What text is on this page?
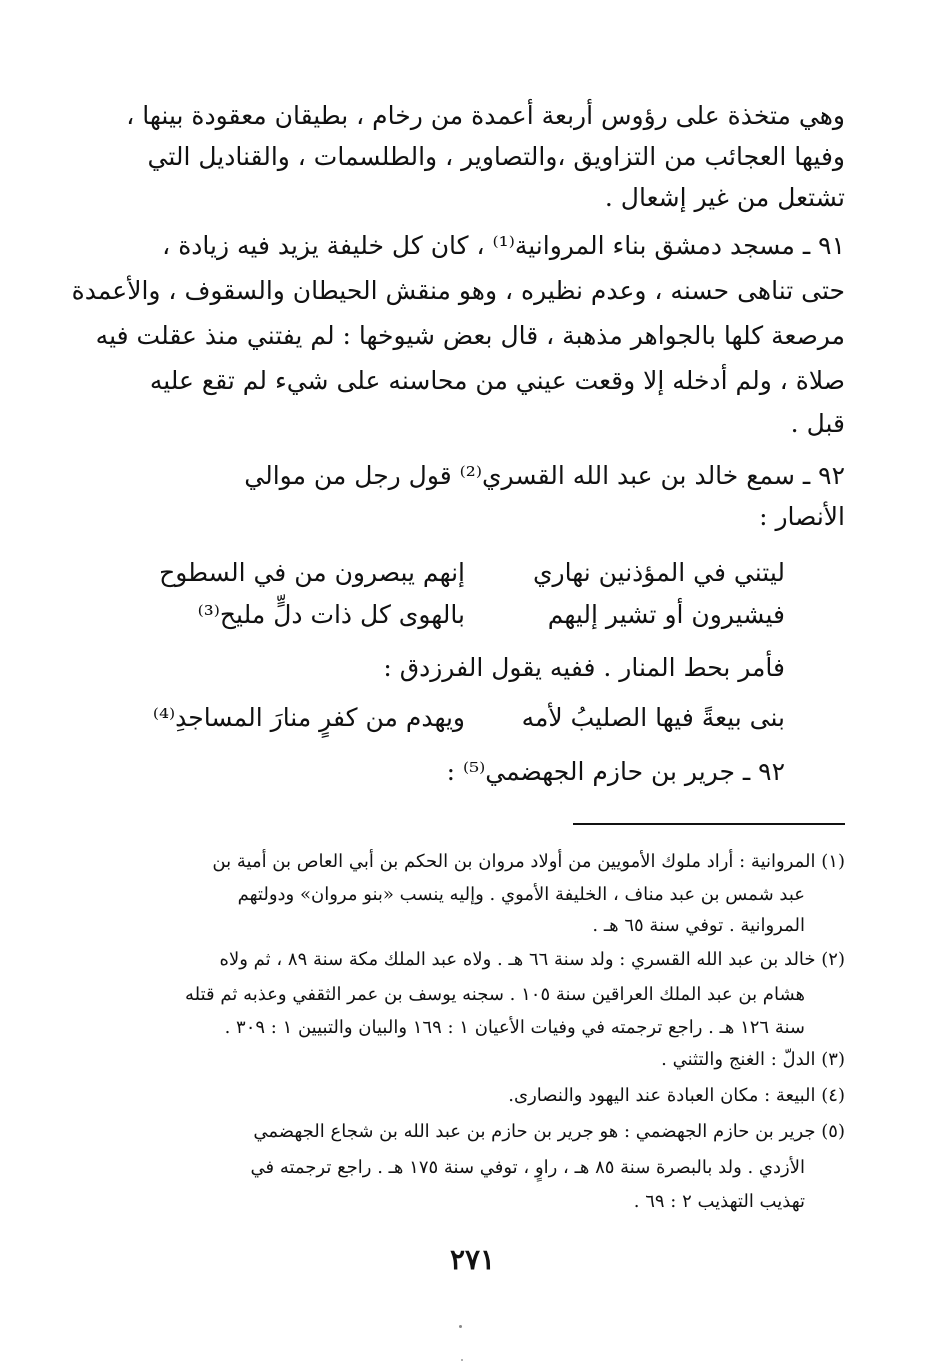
وهي متخذة على رؤوس أربعة أعمدة من رخام ، بطيقان معقودة بينها ،
وفيها العجائب من التزاويق ،والتصاوير ، والطلسمات ، والقناديل التي
تشتعل من غير إشعال .
٩١ ـ مسجد دمشق بناء المروانية⁽¹⁾ ، كان كل خليفة يزيد فيه زيادة ،
حتى تناهى حسنه ، وعدم نظيره ، وهو منقش الحيطان والسقوف ، والأعمدة
مرصعة كلها بالجواهر مذهبة ، قال بعض شيوخها : لم يفتني منذ عقلت فيه
صلاة ، ولم أدخله إلا وقعت عيني من محاسنه على شيء لم تقع عليه
قبل .
٩٢ ـ سمع خالد بن عبد الله القسري⁽²⁾ قول رجل من موالي
الأنصار :
ليتني في المؤذنين نهاري
إنهم يبصرون من في السطوح
فيشيرون أو تشير إليهم
بالهوى كل ذات دلٍّ مليح⁽³⁾
فأمر بحط المنار . ففيه يقول الفرزدق :
بنى بيعةً فيها الصليبُ لأمه
ويهدم من كفرٍ منارَ المساجدِ⁽⁴⁾
٩٢ ـ جرير بن حازم الجهضمي⁽⁵⁾ :
(١) المروانية : أراد ملوك الأمويين من أولاد مروان بن الحكم بن أبي العاص بن أمية بن
عبد شمس بن عبد مناف ، الخليفة الأموي . وإليه ينسب «بنو مروان» ودولتهم
المروانية . توفي سنة ٦٥ هـ .
(٢) خالد بن عبد الله القسري : ولد سنة ٦٦ هـ . ولاه عبد الملك مكة سنة ٨٩ ، ثم ولاه
هشام بن عبد الملك العراقين سنة ١٠٥ . سجنه يوسف بن عمر الثقفي وعذبه ثم قتله
سنة ١٢٦ هـ . راجع ترجمته في وفيات الأعيان ١ : ١٦٩ والبيان والتبيين ١ : ٣٠٩ .
(٣) الدلّ : الغنج والتثني .
(٤) البيعة : مكان العبادة عند اليهود والنصارى.
(٥) جرير بن حازم الجهضمي : هو جرير بن حازم بن عبد الله بن شجاع الجهضمي
الأزدي . ولد بالبصرة سنة ٨٥ هـ ، راوٍ ، توفي سنة ١٧٥ هـ . راجع ترجمته في
تهذيب التهذيب ٢ : ٦٩ .
٢٧١
